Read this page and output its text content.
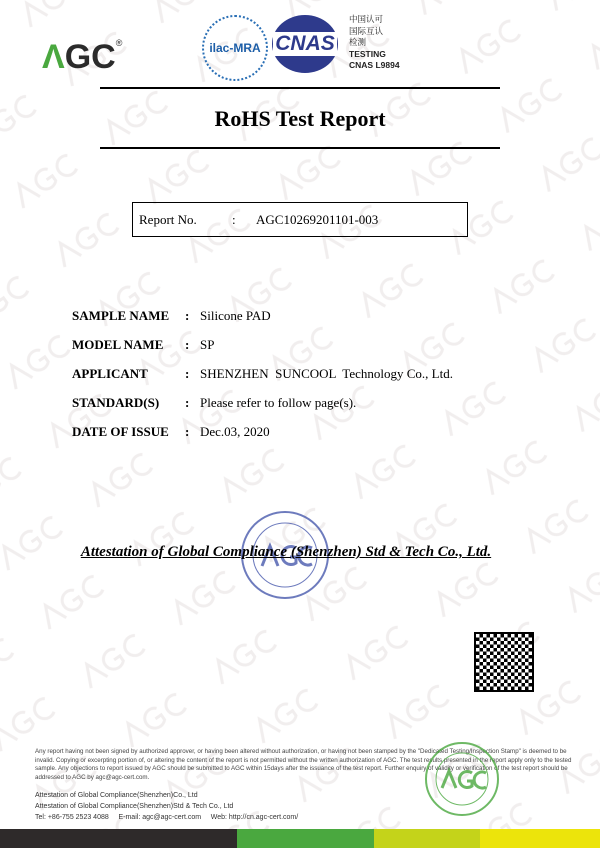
ΛGC®	ilac-MRA CNAS
中国认可
国际互认
检测
TESTING
CNAS L9894
RoHS Test Report
Report No.	: AGC10269201101-003
SAMPLE NAME : Silicone PAD
MODEL NAME : SP
APPLICANT	: SHENZHEN  SUNCOOL  Technology Co., Ltd.
STANDARD(S) : Please refer to follow page(s).
DATE OF ISSUE : Dec.03, 2020
Attestation of Global Compliance (Shenzhen) Std & Tech Co., Ltd.
Any report having not been signed by authorized approver, or having been altered without authorization, or having not been stamped by the "Dedicated Testing/Inspection Stamp" is deemed to be invalid. Copying or excerpting portion of, or altering the content of the report is not permitted without the written authorization of AGC. The test results presented in the report apply only to the tested sample. Any objections to report issued by AGC should be submitted to AGC within 15days after the issuance of the test report. Further enquiry of validity or verification of the test report should be addressed to AGC by agc@agc-cert.com.
Attestation of Global Compliance(Shenzhen)Co., Ltd
Attestation of Global Compliance(Shenzhen)Std & Tech Co., Ltd
Tel: +86-755 2523 4088     E-mail: agc@agc-cert.com     Web: http://cn.agc-cert.com/
